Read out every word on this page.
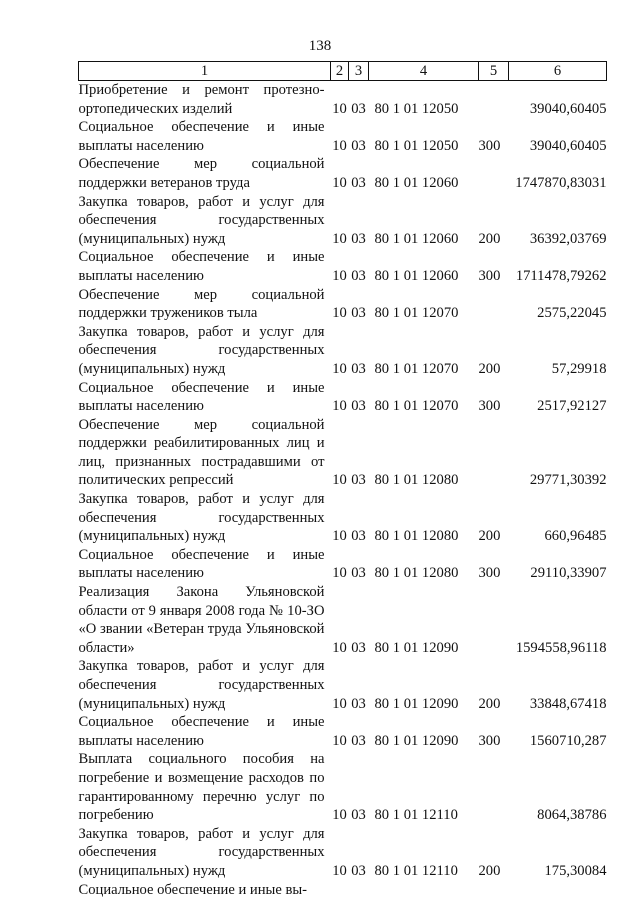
138
1	2	3	4	5	6
Приобретение и ремонт протезно-ортопедических изделий	10	03	80 1 01 12050		39040,60405
Социальное обеспечение и иные выплаты населению	10	03	80 1 01 12050	300	39040,60405
Обеспечение мер социальной поддержки ветеранов труда	10	03	80 1 01 12060		1747870,83031
Закупка товаров, работ и услуг для обеспечения государственных (муниципальных) нужд	10	03	80 1 01 12060	200	36392,03769
Социальное обеспечение и иные выплаты населению	10	03	80 1 01 12060	300	1711478,79262
Обеспечение мер социальной поддержки тружеников тыла	10	03	80 1 01 12070		2575,22045
Закупка товаров, работ и услуг для обеспечения государственных (муниципальных) нужд	10	03	80 1 01 12070	200	57,29918
Социальное обеспечение и иные выплаты населению	10	03	80 1 01 12070	300	2517,92127
Обеспечение мер социальной поддержки реабилитированных лиц и лиц, признанных пострадавшими от политических репрессий	10	03	80 1 01 12080		29771,30392
Закупка товаров, работ и услуг для обеспечения государственных (муниципальных) нужд	10	03	80 1 01 12080	200	660,96485
Социальное обеспечение и иные выплаты населению	10	03	80 1 01 12080	300	29110,33907
Реализация Закона Ульяновской области от 9 января 2008 года № 10-ЗО «О звании «Ветеран труда Ульяновской области»	10	03	80 1 01 12090		1594558,96118
Закупка товаров, работ и услуг для обеспечения государственных (муниципальных) нужд	10	03	80 1 01 12090	200	33848,67418
Социальное обеспечение и иные выплаты населению	10	03	80 1 01 12090	300	1560710,287
Выплата социального пособия на погребение и возмещение расходов по гарантированному перечню услуг по погребению	10	03	80 1 01 12110		8064,38786
Закупка товаров, работ и услуг для обеспечения государственных (муниципальных) нужд	10	03	80 1 01 12110	200	175,30084
Социальное обеспечение и иные вы-					
